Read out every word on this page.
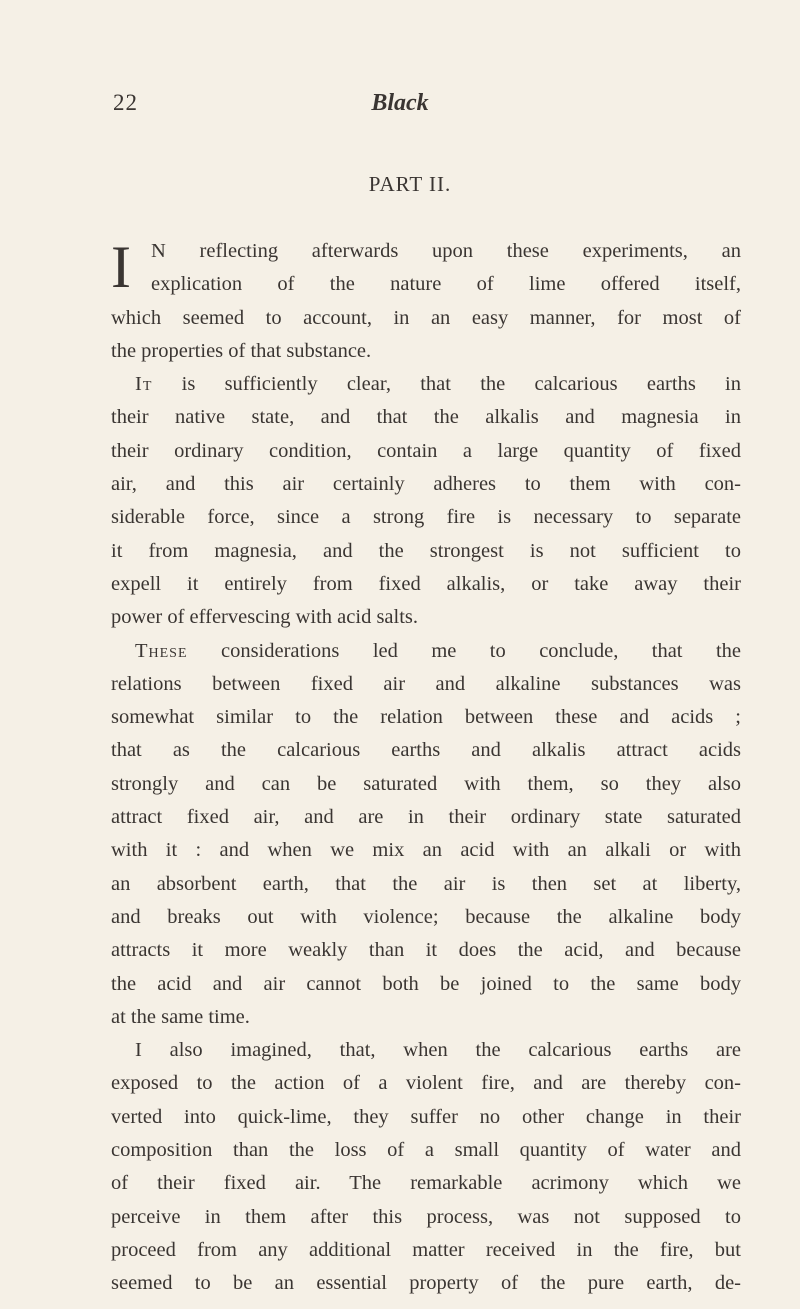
22	Black
PART II.
I N reflecting afterwards upon these experiments, an
explication of the nature of lime offered itself,
which seemed to account, in an easy manner, for most of
the properties of that substance.
It is sufficiently clear, that the calcarious earths in
their native state, and that the alkalis and magnesia in
their ordinary condition, contain a large quantity of fixed
air, and this air certainly adheres to them with con-
siderable force, since a strong fire is necessary to separate
it from magnesia, and the strongest is not sufficient to
expell it entirely from fixed alkalis, or take away their
power of effervescing with acid salts.
These considerations led me to conclude, that the
relations between fixed air and alkaline substances was
somewhat similar to the relation between these and acids ;
that as the calcarious earths and alkalis attract acids
strongly and can be saturated with them, so they also
attract fixed air, and are in their ordinary state saturated
with it : and when we mix an acid with an alkali or with
an absorbent earth, that the air is then set at liberty,
and breaks out with violence; because the alkaline body
attracts it more weakly than it does the acid, and because
the acid and air cannot both be joined to the same body
at the same time.
I also imagined, that, when the calcarious earths are
exposed to the action of a violent fire, and are thereby con-
verted into quick-lime, they suffer no other change in their
composition than the loss of a small quantity of water and
of their fixed air. The remarkable acrimony which we
perceive in them after this process, was not supposed to
proceed from any additional matter received in the fire, but
seemed to be an essential property of the pure earth, de-
